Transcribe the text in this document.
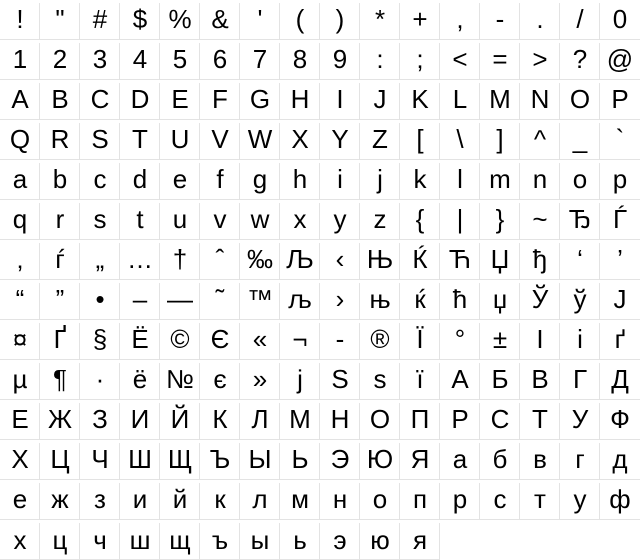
!	"	# $ % &	'	(	)	*	+	,	-	.	/	0
1 2 3 4 5 6 7 8 9	:	;	< = > ? @
A B C D E F G H	I	J K L M N O P
Q R S T U V W X Y Z	[	\	]	^	_	`
a b	c	d e	f	g h	i	j	k	l	m n o p
q	r	s	t	u	v w x	y	z	{	|	}	~ Ђ Ѓ
‚	ѓ	„ … †	ˆ ‰ Љ ‹ Њ Ќ Ћ Џ ђ	‘	’
“	”	•	– — ˜ ™ љ › њ ќ	ћ џ Ў ў	Ј
¤	Ґ	§ Ё © Є « ¬	-	®	Ї	°	±	І	і	ґ
µ ¶	·	ё № є	»	ј	Ѕ ѕ	ї	А Б В Г Д
Е Ж З И Й К Л М Н О П Р С Т У Ф
Х Ц Ч Ш Щ Ъ Ы Ь Э Ю Я а б в	г	д
е ж з	и й	к	л м н о п р	с	т	у ф
х	ц ч ш щ ъ ы ь	э ю я
